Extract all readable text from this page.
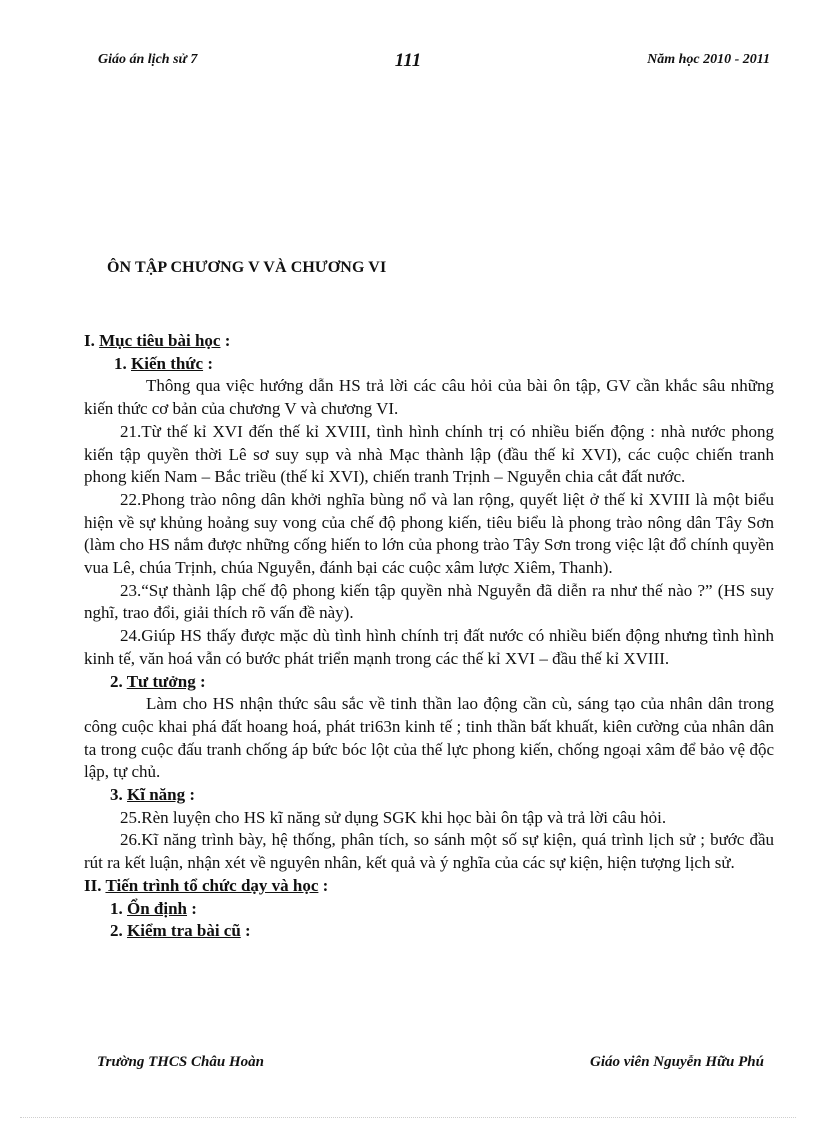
Giáo án lịch sử 7	111	Năm học 2010 - 2011
ÔN TẬP CHƯƠNG V VÀ CHƯƠNG VI

I. Mục tiêu bài học :

1. Kiến thức :

Thông qua việc hướng dẫn HS trả lời các câu hỏi của bài ôn tập, GV cần khắc sâu những kiến thức cơ bản của chương V và chương VI.

21.Từ thế kỉ XVI đến thế kỉ XVIII, tình hình chính trị có nhiều biến động : nhà nước phong kiến tập quyền thời Lê sơ suy sụp và nhà Mạc thành lập (đầu thế kỉ XVI), các cuộc chiến tranh phong kiến Nam – Bắc triều (thế kỉ XVI), chiến tranh Trịnh – Nguyễn chia cắt đất nước.

22.Phong trào nông dân khởi nghĩa bùng nổ và lan rộng, quyết liệt ở thế kỉ XVIII là một biểu hiện về sự khủng hoảng suy vong của chế độ phong kiến, tiêu biểu là phong trào nông dân Tây Sơn (làm cho HS nắm được những cống hiến to lớn của phong trào Tây Sơn trong việc lật đổ chính quyền vua Lê, chúa Trịnh, chúa Nguyễn, đánh bại các cuộc xâm lược Xiêm, Thanh).

23.“Sự thành lập chế độ phong kiến tập quyền nhà Nguyễn đã diễn ra như thế nào ?” (HS suy nghĩ, trao đổi, giải thích rõ vấn đề này).

24.Giúp HS thấy được mặc dù tình hình chính trị đất nước có nhiều biến động nhưng tình hình kinh tế, văn hoá vẫn có bước phát triển mạnh trong các thế kỉ XVI – đầu thế kỉ XVIII.

2. Tư tưởng :

Làm cho HS nhận thức sâu sắc về tinh thần lao động cần cù, sáng tạo của nhân dân trong công cuộc khai phá đất hoang hoá, phát tri63n kinh tế ; tinh thần bất khuất, kiên cường của nhân dân ta trong cuộc đấu tranh chống áp bức bóc lột của thế lực phong kiến, chống ngoại xâm để bảo vệ độc lập, tự chủ.

3. Kĩ năng :

25.Rèn luyện cho HS kĩ năng sử dụng SGK khi học bài ôn tập và trả lời câu hỏi.

26.Kĩ năng trình bày, hệ thống, phân tích, so sánh một số sự kiện, quá trình lịch sử ; bước đầu rút ra kết luận, nhận xét về nguyên nhân, kết quả và ý nghĩa của các sự kiện, hiện tượng lịch sử.

II. Tiến trình tổ chức dạy và học :

1. Ổn định :

2. Kiểm tra bài cũ :

Trường THCS Châu Hoàn	Giáo viên Nguyễn Hữu Phú
